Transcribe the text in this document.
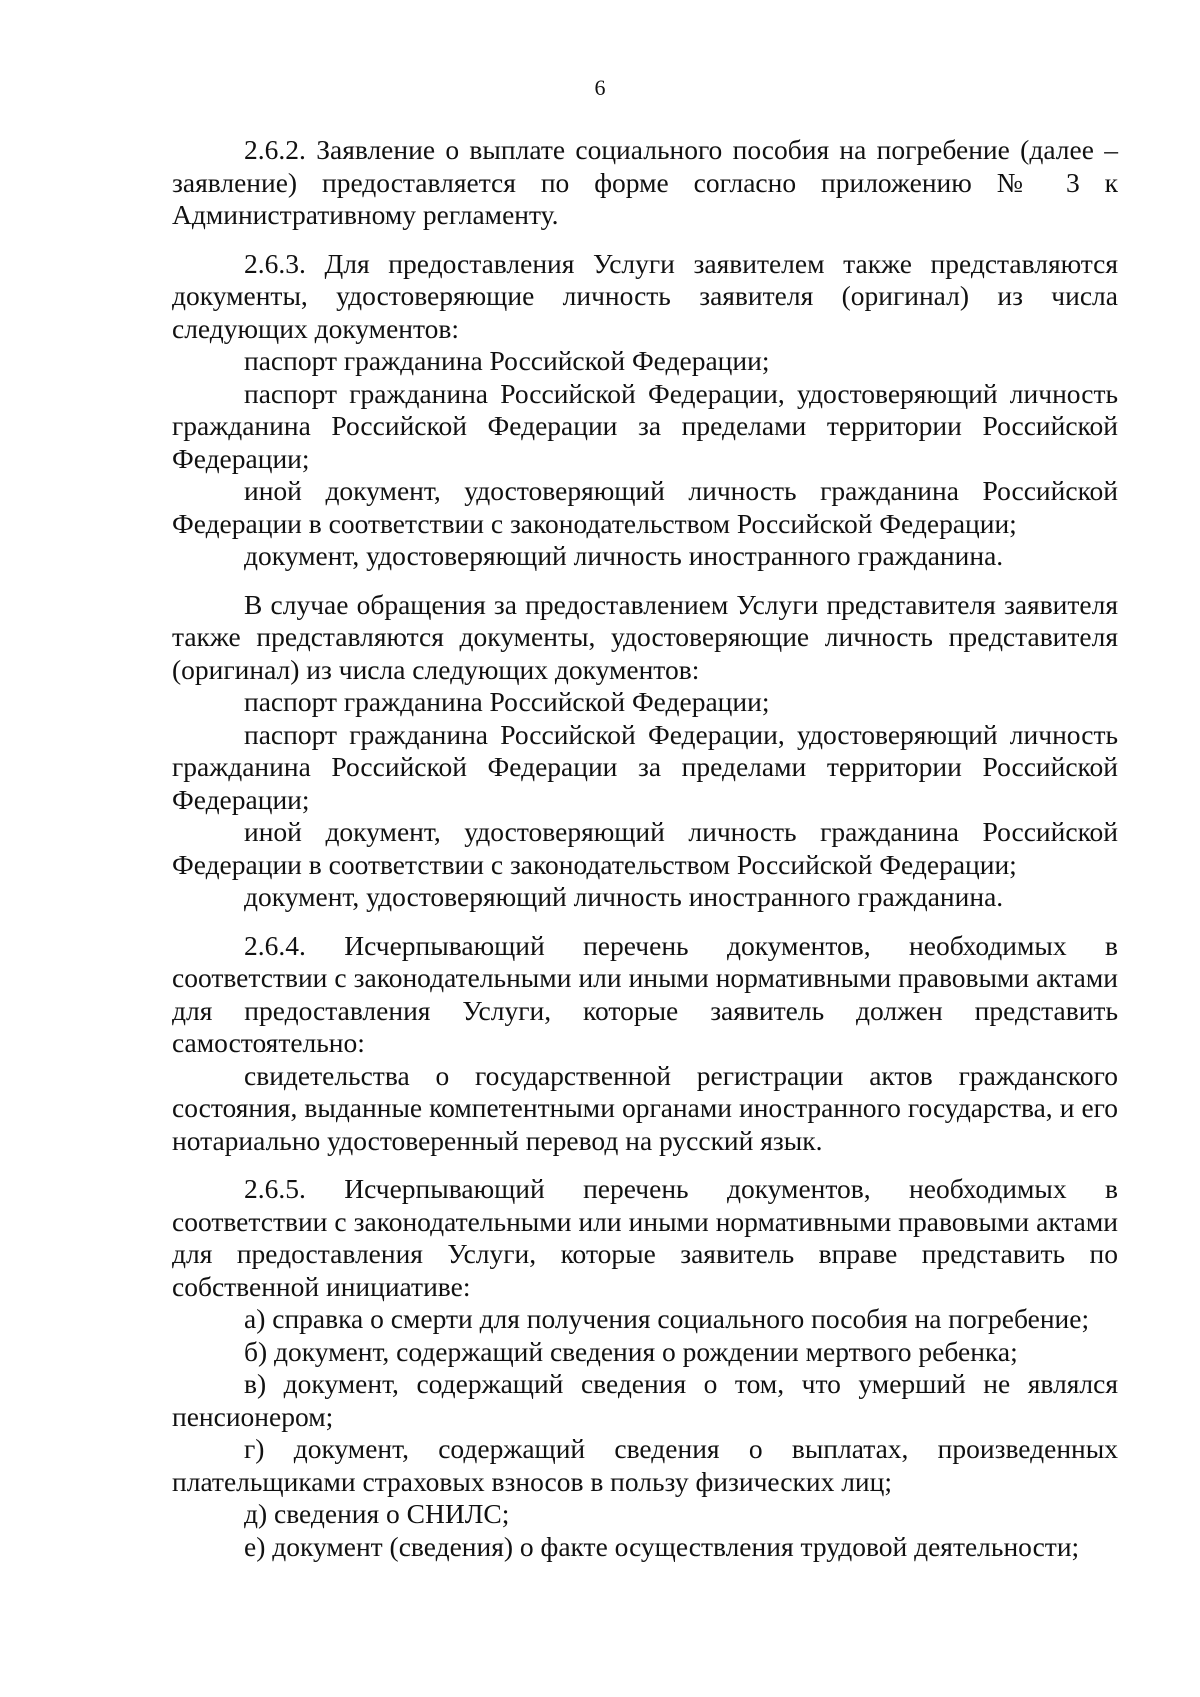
6

2.6.2. Заявление о выплате социального пособия на погребение (далее – заявление) предоставляется по форме согласно приложению № 3 к Административному регламенту.

2.6.3. Для предоставления Услуги заявителем также представляются документы, удостоверяющие личность заявителя (оригинал) из числа следующих документов:

паспорт гражданина Российской Федерации;

паспорт гражданина Российской Федерации, удостоверяющий личность гражданина Российской Федерации за пределами территории Российской Федерации;

иной документ, удостоверяющий личность гражданина Российской Федерации в соответствии с законодательством Российской Федерации;

документ, удостоверяющий личность иностранного гражданина.

В случае обращения за предоставлением Услуги представителя заявителя также представляются документы, удостоверяющие личность представителя (оригинал) из числа следующих документов:

паспорт гражданина Российской Федерации;

паспорт гражданина Российской Федерации, удостоверяющий личность гражданина Российской Федерации за пределами территории Российской Федерации;

иной документ, удостоверяющий личность гражданина Российской Федерации в соответствии с законодательством Российской Федерации;

документ, удостоверяющий личность иностранного гражданина.

2.6.4. Исчерпывающий перечень документов, необходимых в соответствии с законодательными или иными нормативными правовыми актами для предоставления Услуги, которые заявитель должен представить самостоятельно:

свидетельства о государственной регистрации актов гражданского состояния, выданные компетентными органами иностранного государства, и его нотариально удостоверенный перевод на русский язык.

2.6.5. Исчерпывающий перечень документов, необходимых в соответствии с законодательными или иными нормативными правовыми актами для предоставления Услуги, которые заявитель вправе представить по собственной инициативе:

а) справка о смерти для получения социального пособия на погребение;

б) документ, содержащий сведения о рождении мертвого ребенка;

в) документ, содержащий сведения о том, что умерший не являлся пенсионером;

г) документ, содержащий сведения о выплатах, произведенных плательщиками страховых взносов в пользу физических лиц;

д) сведения о СНИЛС;

е) документ (сведения) о факте осуществления трудовой деятельности;
